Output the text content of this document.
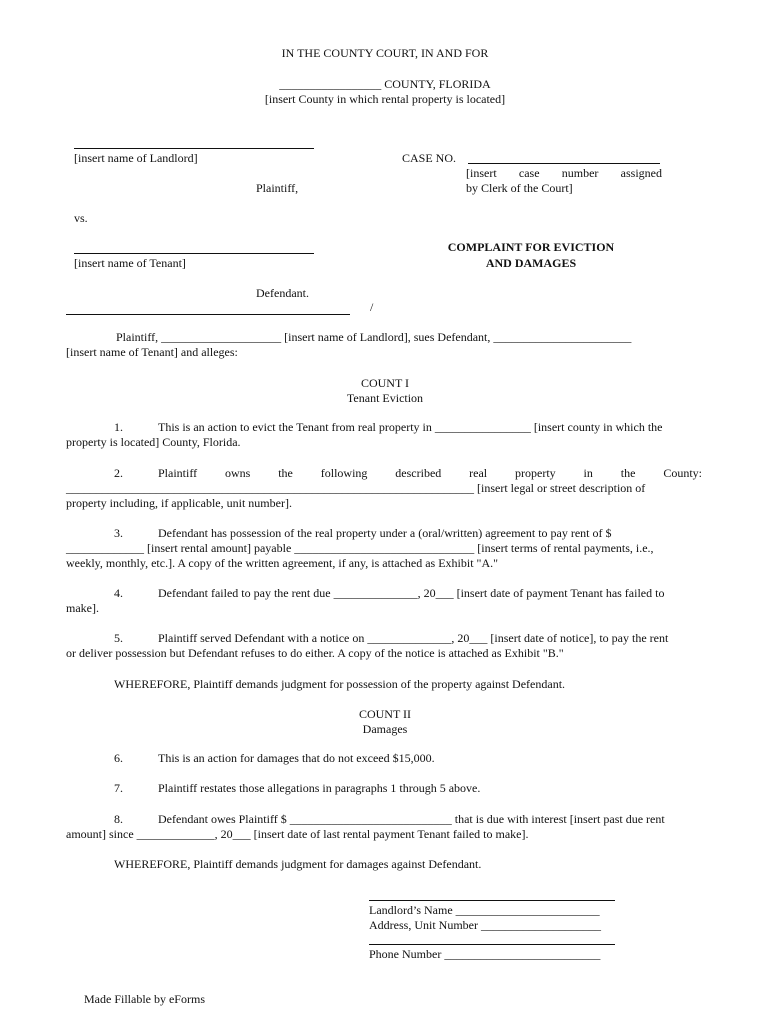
IN THE COUNTY COURT, IN AND FOR
_________________ COUNTY, FLORIDA
[insert County in which rental property is located]
[insert name of Landlord]
Plaintiff,
CASE NO.
[insert case number assigned
by Clerk of the Court]
vs.
[insert name of Tenant]
COMPLAINT FOR EVICTION
AND DAMAGES
Defendant.
/
Plaintiff, ____________________ [insert name of Landlord], sues Defendant, _______________________
[insert name of Tenant] and alleges:
COUNT I
Tenant Eviction
1.	This is an action to evict the Tenant from real property in ________________ [insert county in which the
property is located] County, Florida.
2.	Plaintiff owns the following described real property in the County:
____________________________________________________________________ [insert legal or street description of
property including, if applicable, unit number].
3.	Defendant has possession of the real property under a (oral/written) agreement to pay rent of $
_____________ [insert rental amount] payable ______________________________ [insert terms of rental payments, i.e.,
weekly, monthly, etc.]. A copy of the written agreement, if any, is attached as Exhibit "A."
4.	Defendant failed to pay the rent due ______________, 20___ [insert date of payment Tenant has failed to
make].
5.	Plaintiff served Defendant with a notice on ______________, 20___ [insert date of notice], to pay the rent
or deliver possession but Defendant refuses to do either. A copy of the notice is attached as Exhibit "B."
WHEREFORE, Plaintiff demands judgment for possession of the property against Defendant.
COUNT II
Damages
6.	This is an action for damages that do not exceed $15,000.
7.	Plaintiff restates those allegations in paragraphs 1 through 5 above.
8.	Defendant owes Plaintiff $ ___________________________ that is due with interest [insert past due rent
amount] since _____________, 20___ [insert date of last rental payment Tenant failed to make].
WHEREFORE, Plaintiff demands judgment for damages against Defendant.
Landlord’s Name ________________________
Address, Unit Number ____________________
Phone Number __________________________
Made Fillable by eForms
